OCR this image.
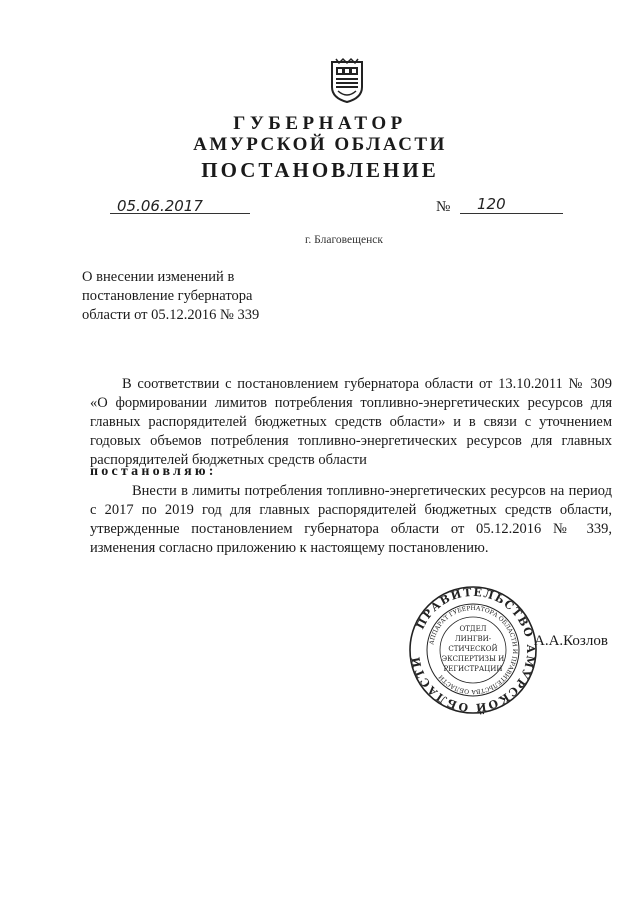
ГУБЕРНАТОР
АМУРСКОЙ ОБЛАСТИ
ПОСТАНОВЛЕНИЕ
05.06.2017	№ 120
г. Благовещенск
О внесении изменений в
постановление губернатора
области от 05.12.2016 № 339
В соответствии с постановлением губернатора области от 13.10.2011 № 309 «О формировании лимитов потребления топливно-энергетических ресурсов для главных распорядителей бюджетных средств области» и в связи с уточнением годовых объемов потребления топливно-энергетических ресурсов для главных распорядителей бюджетных средств области
постановляю:
Внести в лимиты потребления топливно-энергетических ресурсов на период с 2017 по 2019 год для главных распорядителей бюджетных средств области, утвержденные постановлением губернатора области от 05.12.2016 № 339, изменения согласно приложению к настоящему постановлению.
ПРАВИТЕЛЬСТВО АМУРСКОЙ ОБЛАСТИ
АППАРАТ ГУБЕРНАТОРА ОБЛАСТИ И ПРАВИТЕЛЬСТВА ОБЛАСТИ
ОТДЕЛ
ЛИНГВИ-
СТИЧЕСКОЙ
ЭКСПЕРТИЗЫ И
РЕГИСТРАЦИИ
А.А.Козлов
